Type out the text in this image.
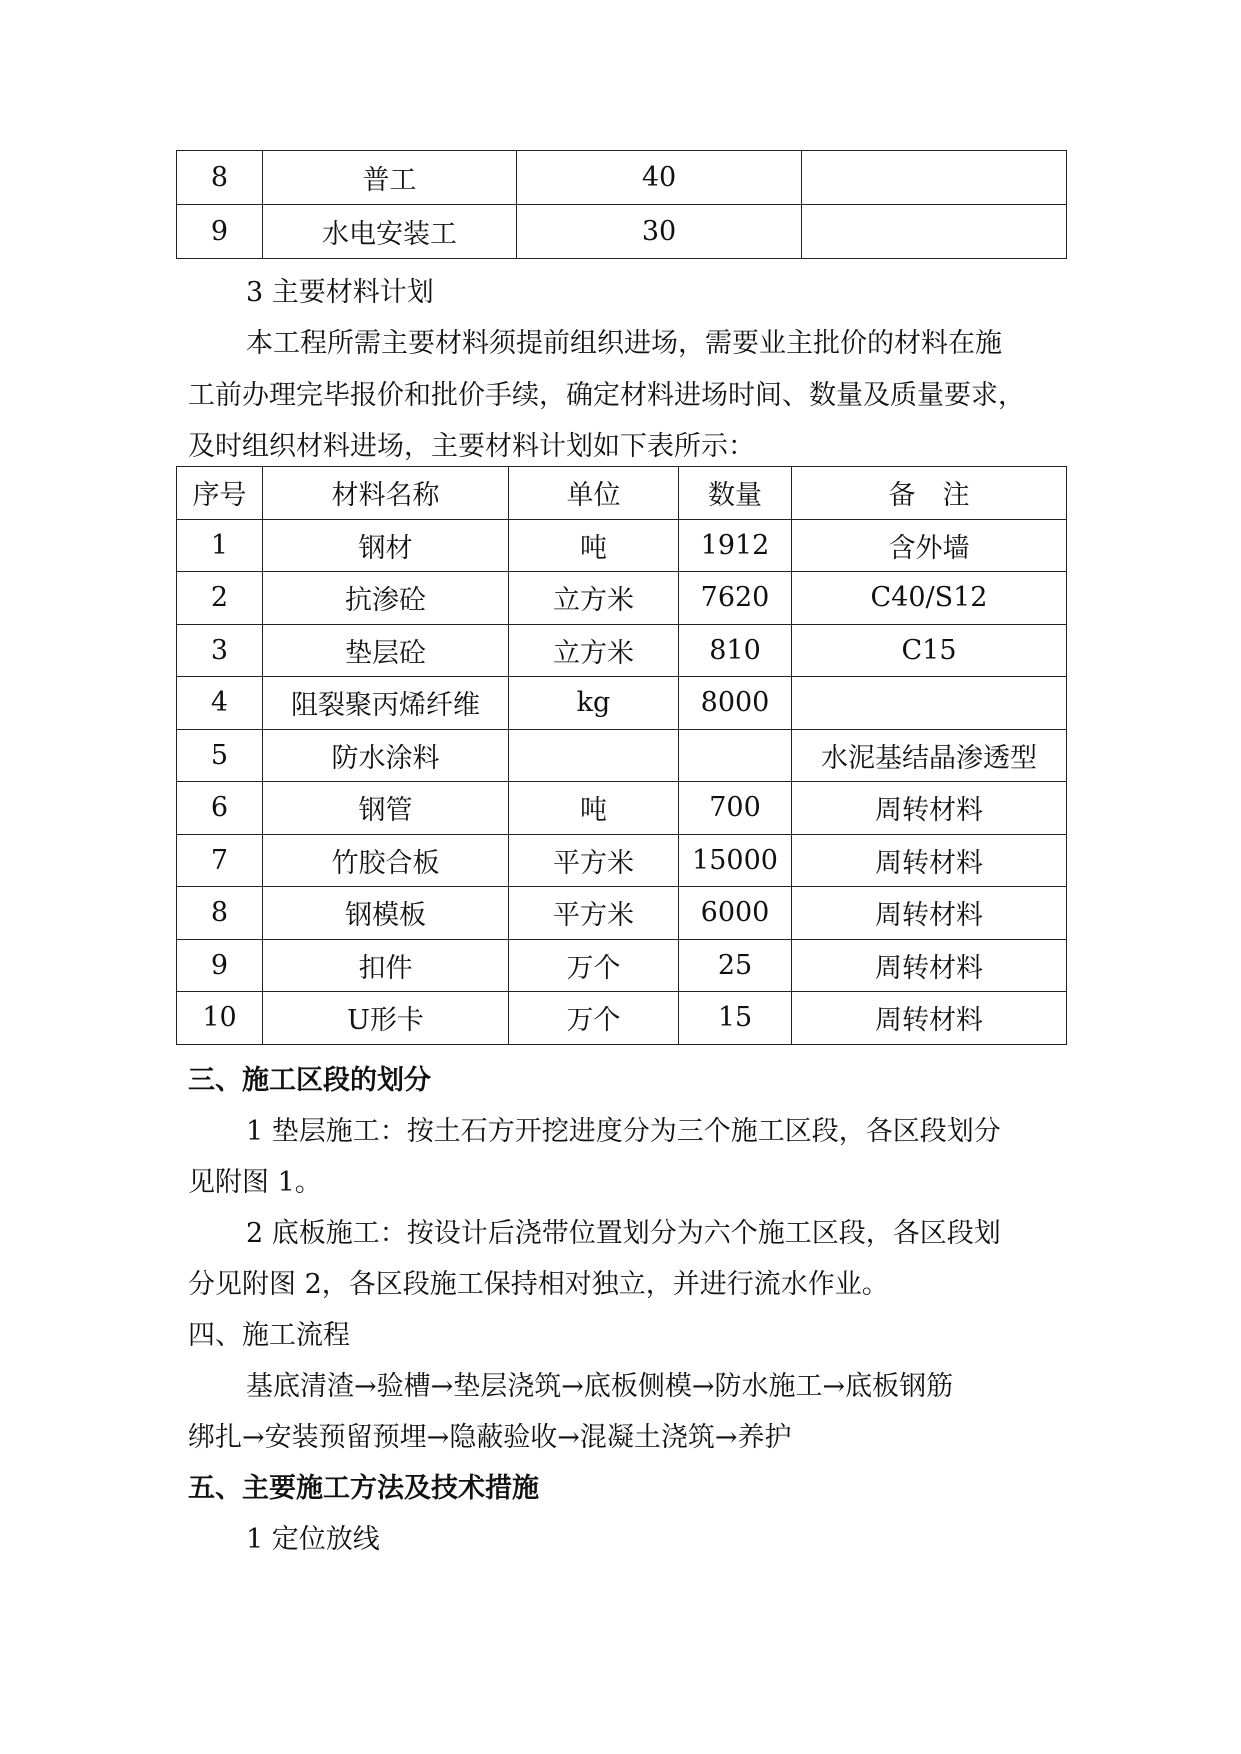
8	普工	40	
9	水电安装工	30	
3 主要材料计划
本工程所需主要材料须提前组织进场，需要业主批价的材料在施
工前办理完毕报价和批价手续，确定材料进场时间、数量及质量要求，
及时组织材料进场，主要材料计划如下表所示：
序号	材料名称	单位	数量	备　注
1	钢材	吨	1912	含外墙
2	抗渗砼	立方米	7620	C40/S12
3	垫层砼	立方米	810	C15
4	阻裂聚丙烯纤维	kg	8000	
5	防水涂料			水泥基结晶渗透型
6	钢管	吨	700	周转材料
7	竹胶合板	平方米	15000	周转材料
8	钢模板	平方米	6000	周转材料
9	扣件	万个	25	周转材料
10	U形卡	万个	15	周转材料
三、施工区段的划分
1 垫层施工：按土石方开挖进度分为三个施工区段，各区段划分
见附图 1。
2 底板施工：按设计后浇带位置划分为六个施工区段，各区段划
分见附图 2，各区段施工保持相对独立，并进行流水作业。
四、施工流程
基底清渣→验槽→垫层浇筑→底板侧模→防水施工→底板钢筋
绑扎→安装预留预埋→隐蔽验收→混凝土浇筑→养护
五、主要施工方法及技术措施
1 定位放线
